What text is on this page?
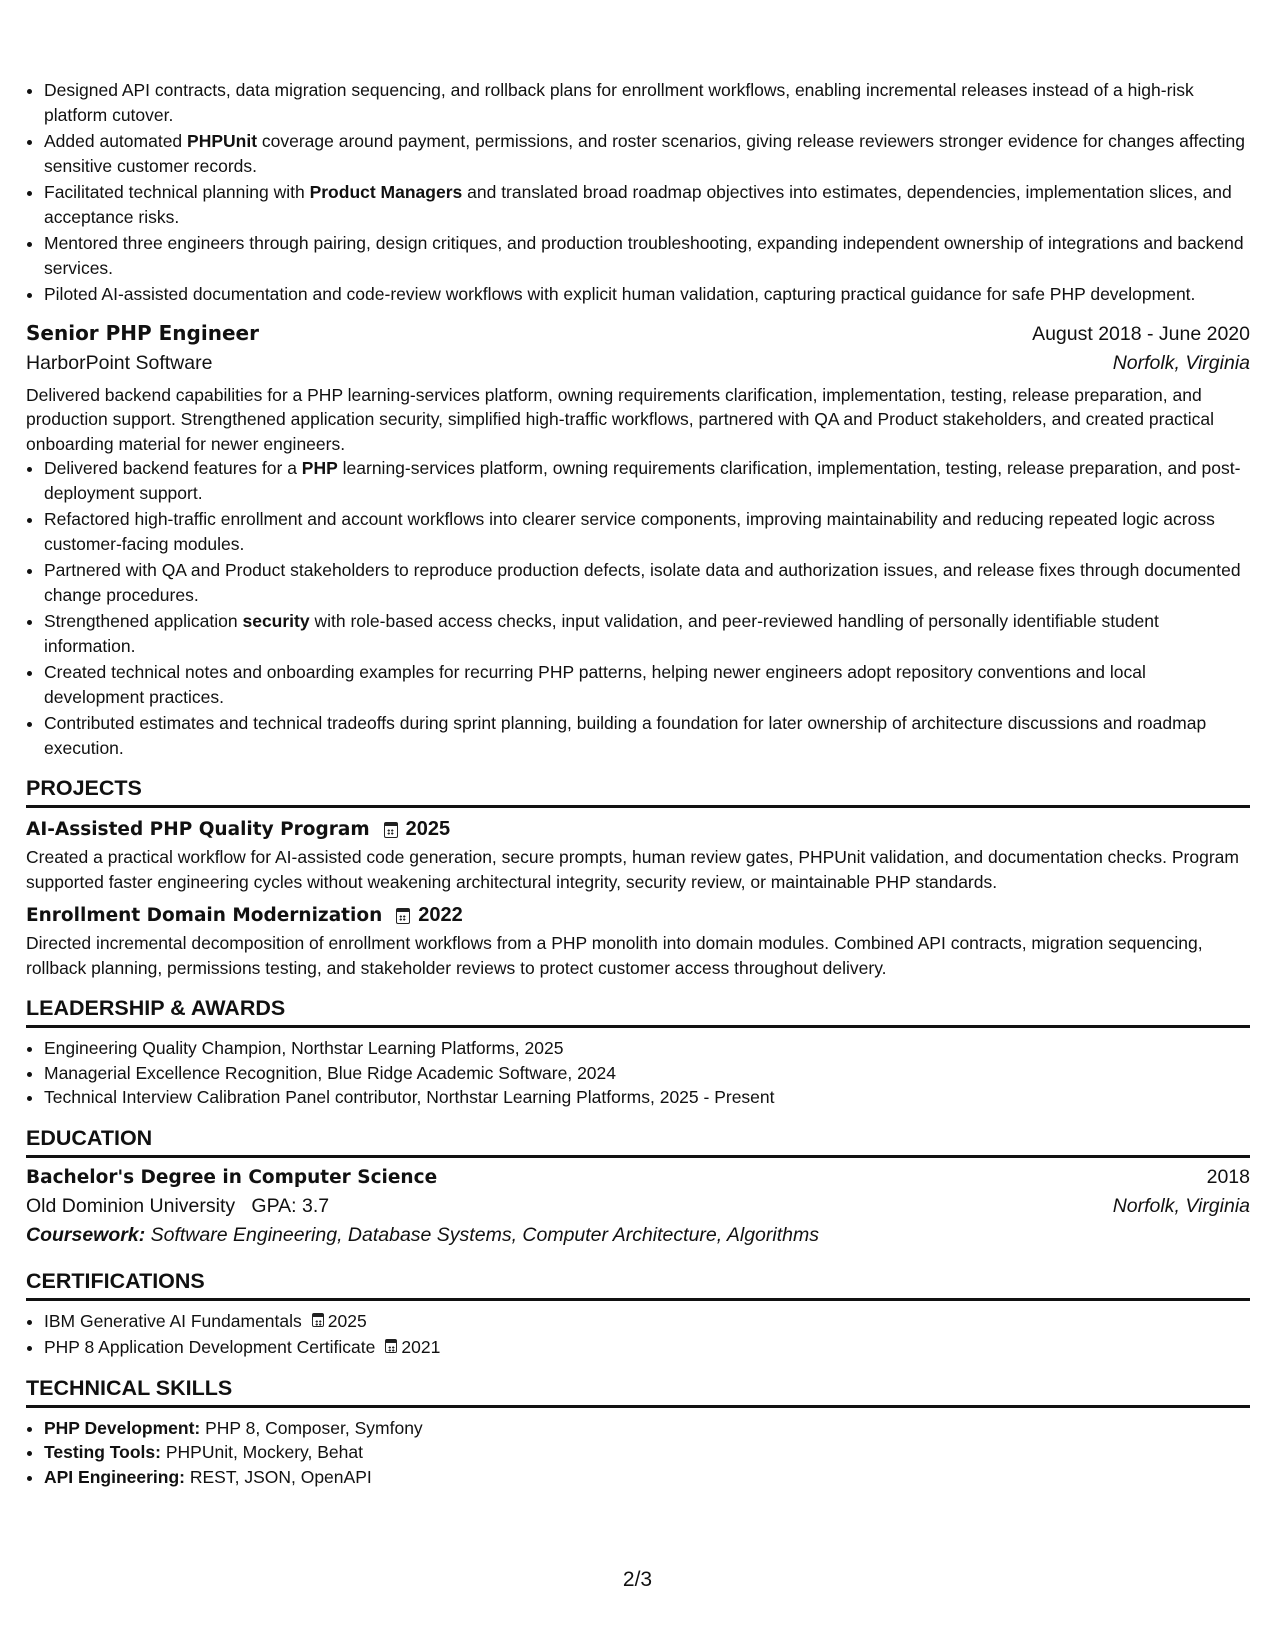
• Designed API contracts, data migration sequencing, and rollback plans for enrollment workflows, enabling incremental releases instead of a high-risk platform cutover.
• Added automated PHPUnit coverage around payment, permissions, and roster scenarios, giving release reviewers stronger evidence for changes affecting sensitive customer records.
• Facilitated technical planning with Product Managers and translated broad roadmap objectives into estimates, dependencies, implementation slices, and acceptance risks.
• Mentored three engineers through pairing, design critiques, and production troubleshooting, expanding independent ownership of integrations and backend services.
• Piloted AI-assisted documentation and code-review workflows with explicit human validation, capturing practical guidance for safe PHP development.
Senior PHP Engineer	August 2018 - June 2020
HarborPoint Software	Norfolk, Virginia
Delivered backend capabilities for a PHP learning-services platform, owning requirements clarification, implementation, testing, release preparation, and production support. Strengthened application security, simplified high-traffic workflows, partnered with QA and Product stakeholders, and created practical onboarding material for newer engineers.
• Delivered backend features for a PHP learning-services platform, owning requirements clarification, implementation, testing, release preparation, and post-deployment support.
• Refactored high-traffic enrollment and account workflows into clearer service components, improving maintainability and reducing repeated logic across customer-facing modules.
• Partnered with QA and Product stakeholders to reproduce production defects, isolate data and authorization issues, and release fixes through documented change procedures.
• Strengthened application security with role-based access checks, input validation, and peer-reviewed handling of personally identifiable student information.
• Created technical notes and onboarding examples for recurring PHP patterns, helping newer engineers adopt repository conventions and local development practices.
• Contributed estimates and technical tradeoffs during sprint planning, building a foundation for later ownership of architecture discussions and roadmap execution.
PROJECTS
AI-Assisted PHP Quality Program 2025
Created a practical workflow for AI-assisted code generation, secure prompts, human review gates, PHPUnit validation, and documentation checks. Program supported faster engineering cycles without weakening architectural integrity, security review, or maintainable PHP standards.
Enrollment Domain Modernization 2022
Directed incremental decomposition of enrollment workflows from a PHP monolith into domain modules. Combined API contracts, migration sequencing, rollback planning, permissions testing, and stakeholder reviews to protect customer access throughout delivery.
LEADERSHIP & AWARDS
• Engineering Quality Champion, Northstar Learning Platforms, 2025
• Managerial Excellence Recognition, Blue Ridge Academic Software, 2024
• Technical Interview Calibration Panel contributor, Northstar Learning Platforms, 2025 - Present
EDUCATION
Bachelor's Degree in Computer Science	2018
Old Dominion University GPA: 3.7	Norfolk, Virginia
Coursework: Software Engineering, Database Systems, Computer Architecture, Algorithms
CERTIFICATIONS
• IBM Generative AI Fundamentals 2025
• PHP 8 Application Development Certificate 2021
TECHNICAL SKILLS
• PHP Development: PHP 8, Composer, Symfony
• Testing Tools: PHPUnit, Mockery, Behat
• API Engineering: REST, JSON, OpenAPI
2/3
